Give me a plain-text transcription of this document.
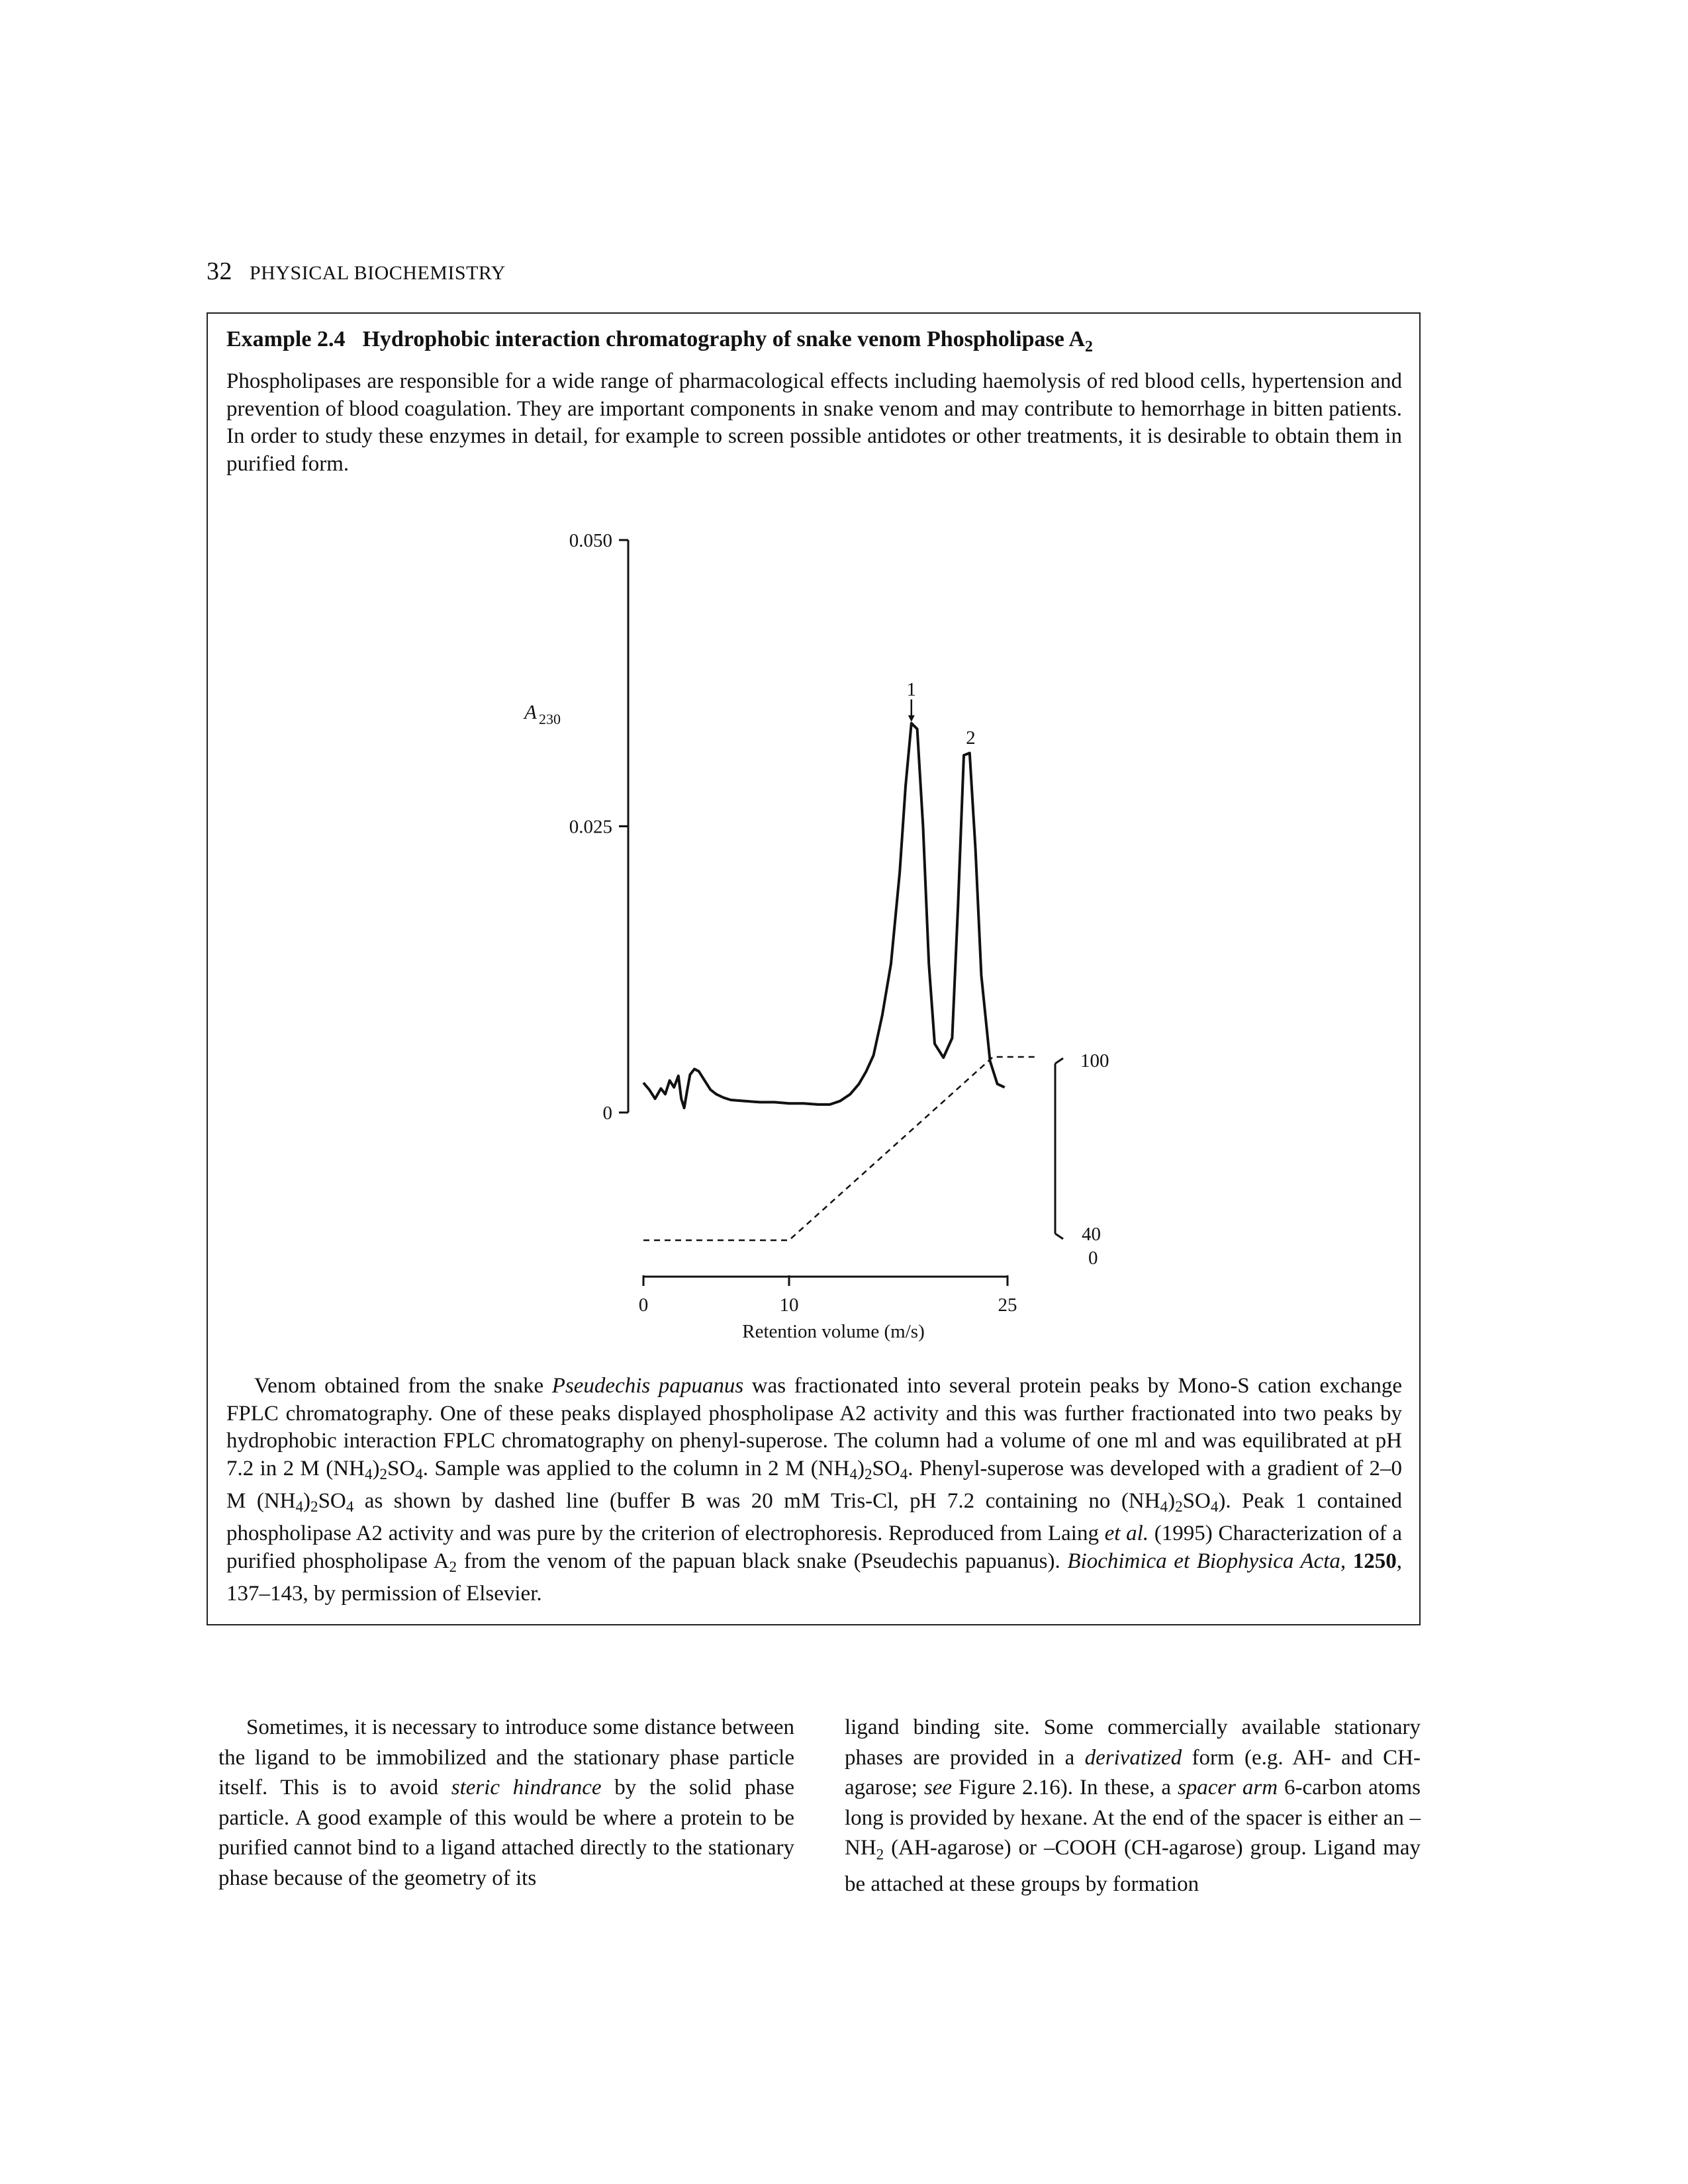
32 PHYSICAL BIOCHEMISTRY
Example 2.4 Hydrophobic interaction chromatography of snake venom Phospholipase $A_2$

Phospholipases are responsible for a wide range of pharmacological effects including haemolysis of red blood cells, hypertension and prevention of blood coagulation. They are important components in snake venom and may contribute to hemorrhage in bitten patients. In order to study these enzymes in detail, for example to screen possible antidotes or other treatments, it is desirable to obtain them in purified form.

0.050
0.025
0
A 230
0	10	25
Retention volume (m/s)
100
40
0
1
2

Venom obtained from the snake Pseudechis papuanus was fractionated into several protein peaks by Mono-S cation exchange FPLC chromatography. One of these peaks displayed phospholipase A2 activity and this was further fractionated into two peaks by hydrophobic interaction FPLC chromatography on phenyl-superose. The column had a volume of one ml and was equilibrated at pH 7.2 in 2 M (NH4)2SO4. Sample was applied to the column in 2 M (NH4)2SO4. Phenyl-superose was developed with a gradient of 2–0 M (NH4)2SO4 as shown by dashed line (buffer B was 20 mM Tris-Cl, pH 7.2 containing no (NH4)2SO4). Peak 1 contained phospholipase A2 activity and was pure by the criterion of electrophoresis. Reproduced from Laing et al. (1995) Characterization of a purified phospholipase A2 from the venom of the papuan black snake (Pseudechis papuanus). Biochimica et Biophysica Acta, 1250, 137–143, by permission of Elsevier.

Sometimes, it is necessary to introduce some distance between the ligand to be immobilized and the stationary phase particle itself. This is to avoid steric hindrance by the solid phase particle. A good example of this would be where a protein to be purified cannot bind to a ligand attached directly to the stationary phase because of the geometry of its

ligand binding site. Some commercially available stationary phases are provided in a derivatized form (e.g. AH- and CH-agarose; see Figure 2.16). In these, a spacer arm 6-carbon atoms long is provided by hexane. At the end of the spacer is either an $-NH_2$ (AH-agarose) or –COOH (CH-agarose) group. Ligand may be attached at these groups by formation
